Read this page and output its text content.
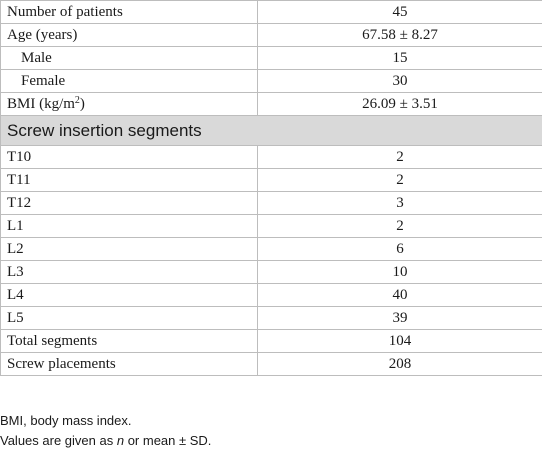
Number of patients	45
Age (years)	67.58 ± 8.27
Male	15
Female	30
BMI $(kg/m^2)$	26.09 ± 3.51
Screw insertion segments	
T10	2
T11	2
T12	3
L1	2
L2	6
L3	10
L4	40
L5	39
Total segments	104
Screw placements	208
BMI, body mass index.
Values are given as n or mean ± SD.
